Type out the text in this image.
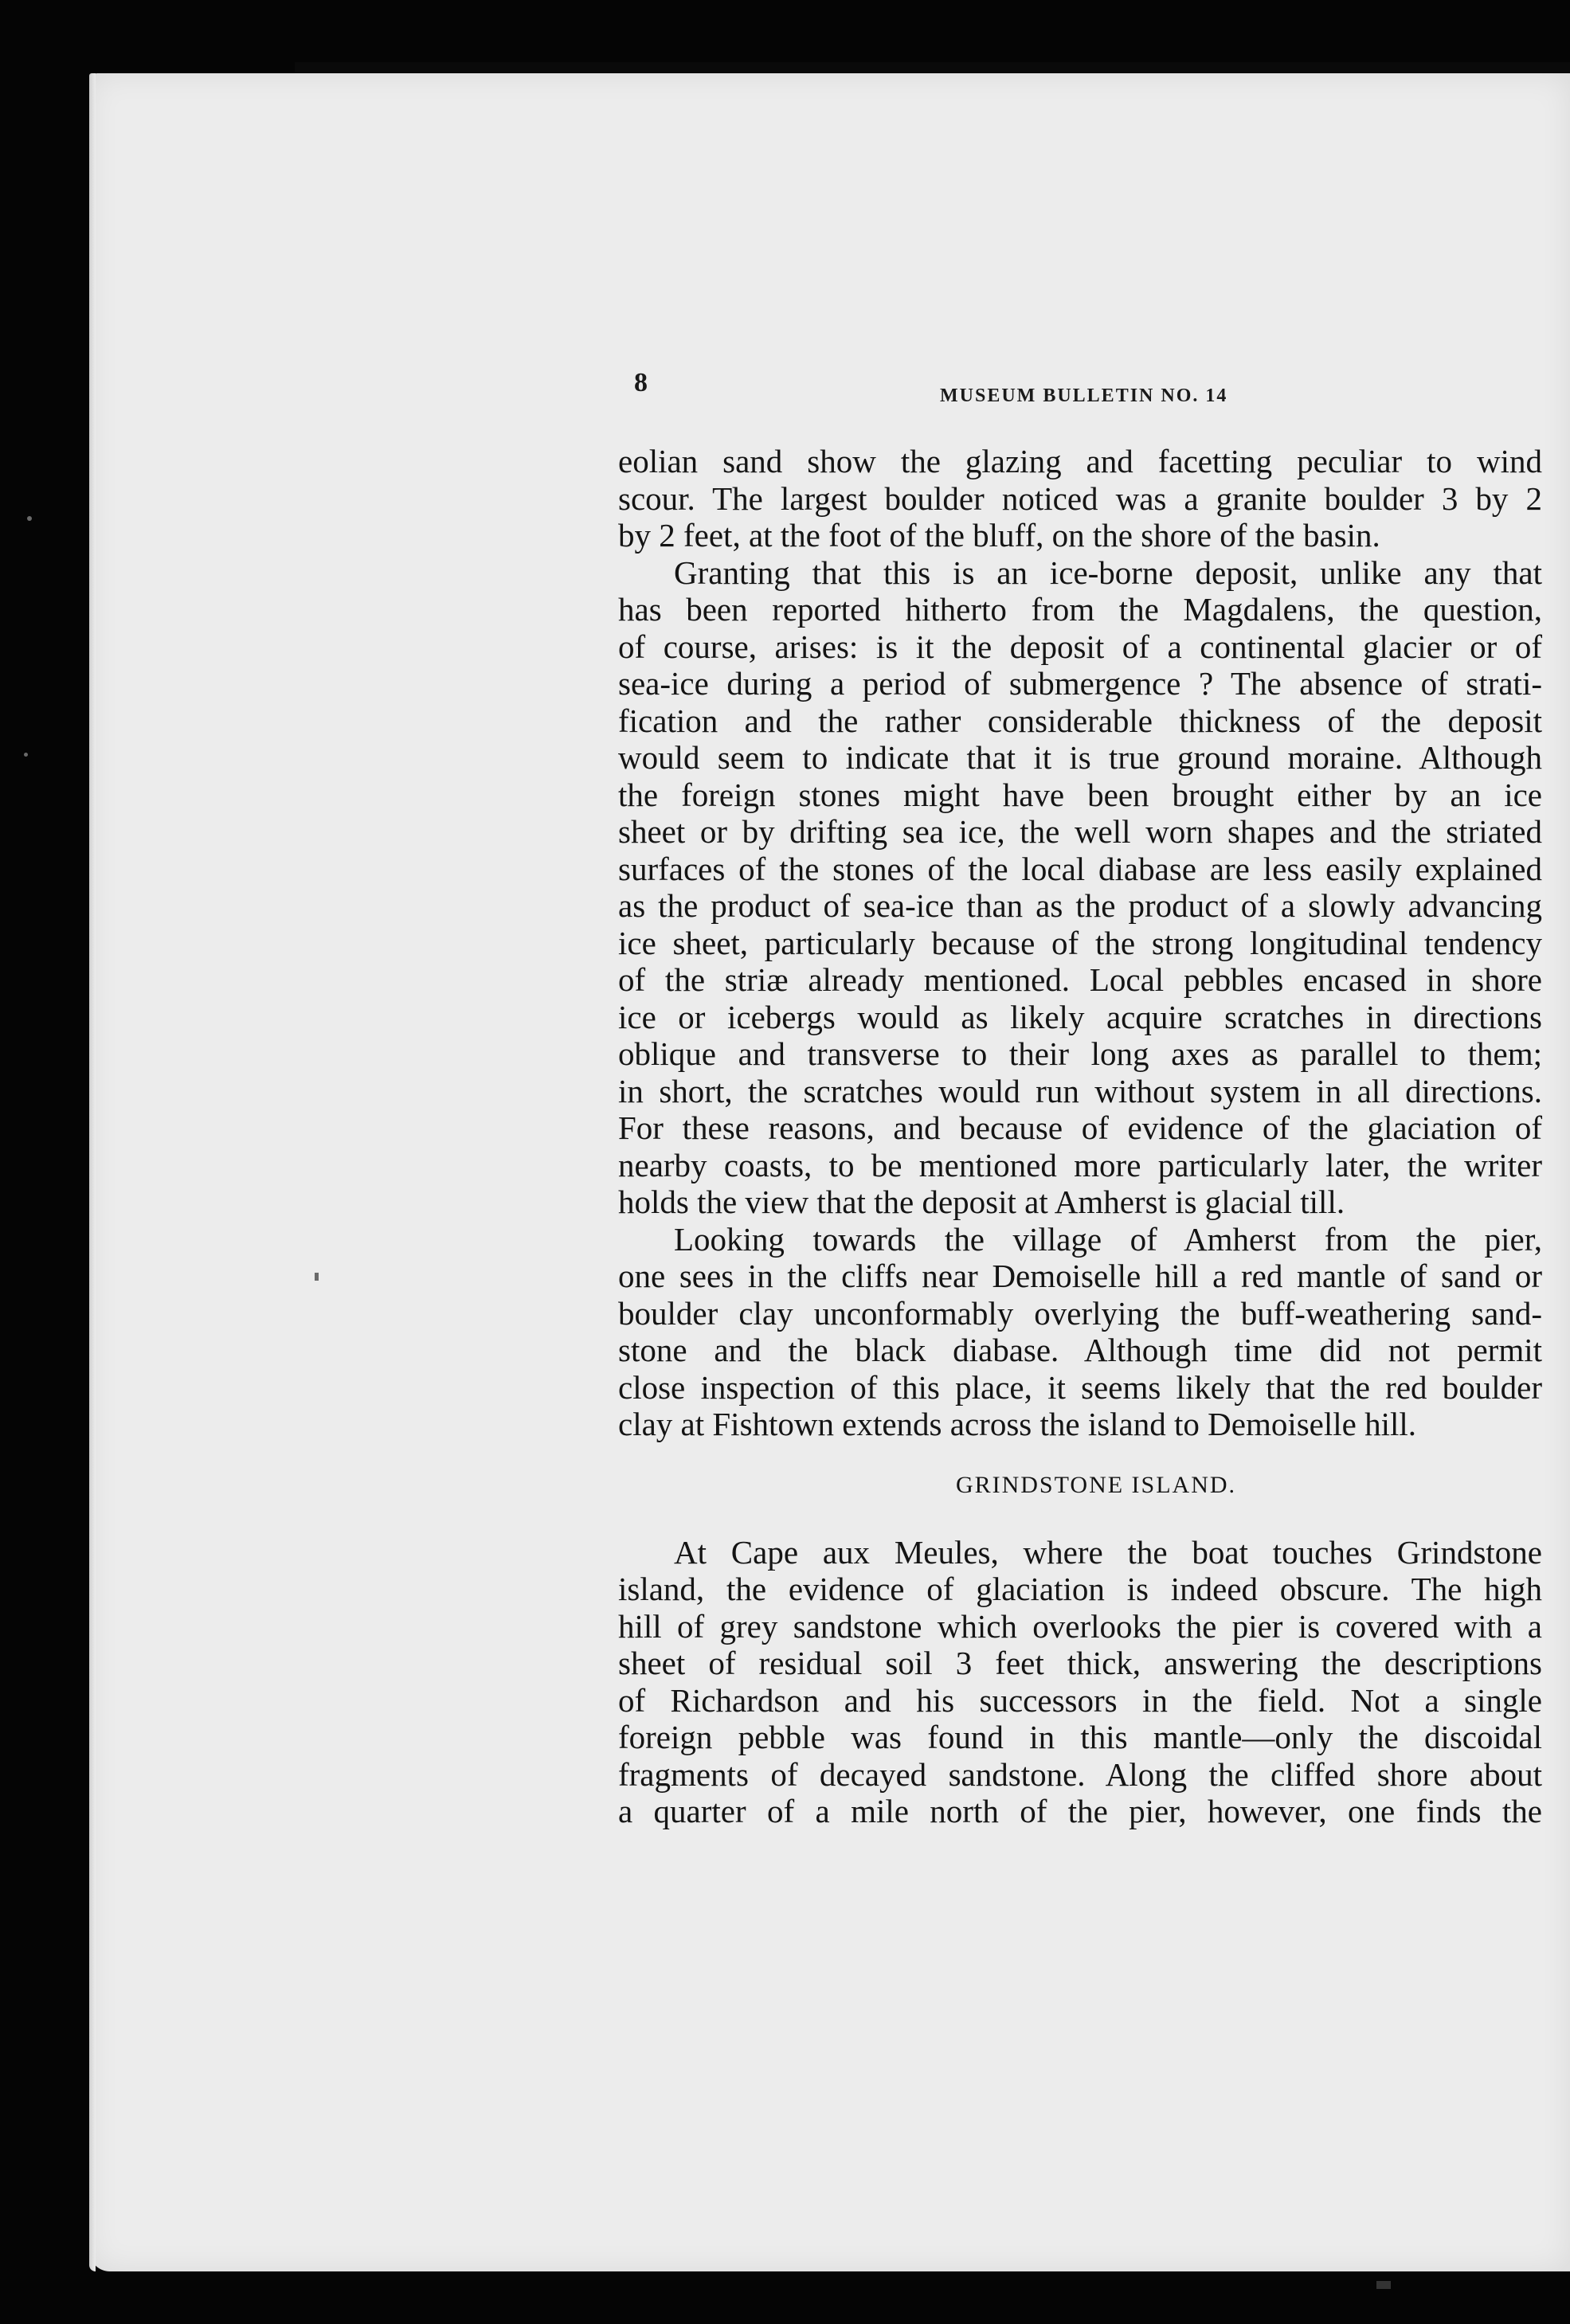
8	MUSEUM BULLETIN NO. 14
eolian sand show the glazing and facetting peculiar to wind
scour. The largest boulder noticed was a granite boulder 3 by 2
by 2 feet, at the foot of the bluff, on the shore of the basin.
Granting that this is an ice-borne deposit, unlike any that
has been reported hitherto from the Magdalens, the question,
of course, arises: is it the deposit of a continental glacier or of
sea-ice during a period of submergence ? The absence of strati-
fication and the rather considerable thickness of the deposit
would seem to indicate that it is true ground moraine. Although
the foreign stones might have been brought either by an ice
sheet or by drifting sea ice, the well worn shapes and the striated
surfaces of the stones of the local diabase are less easily explained
as the product of sea-ice than as the product of a slowly advancing
ice sheet, particularly because of the strong longitudinal tendency
of the striæ already mentioned. Local pebbles encased in shore
ice or icebergs would as likely acquire scratches in directions
oblique and transverse to their long axes as parallel to them;
in short, the scratches would run without system in all directions.
For these reasons, and because of evidence of the glaciation of
nearby coasts, to be mentioned more particularly later, the writer
holds the view that the deposit at Amherst is glacial till.
Looking towards the village of Amherst from the pier,
one sees in the cliffs near Demoiselle hill a red mantle of sand or
boulder clay unconformably overlying the buff-weathering sand-
stone and the black diabase. Although time did not permit
close inspection of this place, it seems likely that the red boulder
clay at Fishtown extends across the island to Demoiselle hill.
GRINDSTONE ISLAND.
At Cape aux Meules, where the boat touches Grindstone
island, the evidence of glaciation is indeed obscure. The high
hill of grey sandstone which overlooks the pier is covered with a
sheet of residual soil 3 feet thick, answering the descriptions
of Richardson and his successors in the field. Not a single
foreign pebble was found in this mantle—only the discoidal
fragments of decayed sandstone. Along the cliffed shore about
a quarter of a mile north of the pier, however, one finds the
